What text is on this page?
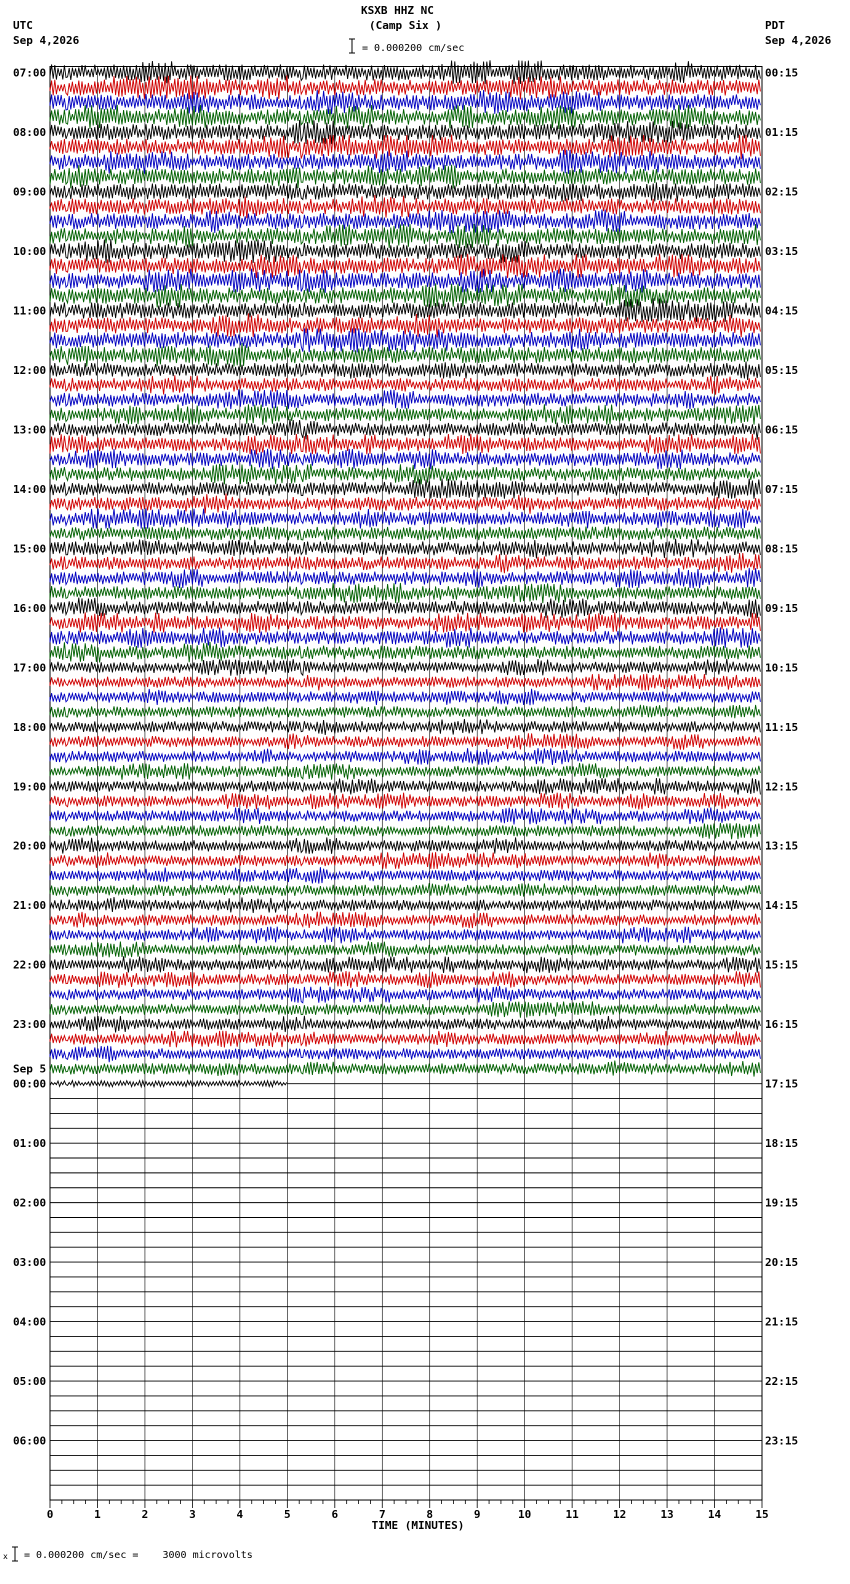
KSXB HHZ NC
(Camp Six )
UTC
Sep 4,2026
PDT
Sep 4,2026
= 0.000200 cm/sec
= 0.000200 cm/sec =    3000 microvolts
x
07:00	00:15
08:00	01:15
09:00	02:15
10:00	03:15
11:00	04:15
12:00	05:15
13:00	06:15
14:00	07:15
15:00	08:15
16:00	09:15
17:00	10:15
18:00	11:15
19:00	12:15
20:00	13:15
21:00	14:15
22:00	15:15
23:00	16:15
00:00	17:15
01:00	18:15
02:00	19:15
03:00	20:15
04:00	21:15
05:00	22:15
06:00	23:15
Sep 5
0	1	2	3	4	5	6	7	8	9	10	11	12	13	14	15
TIME (MINUTES)
